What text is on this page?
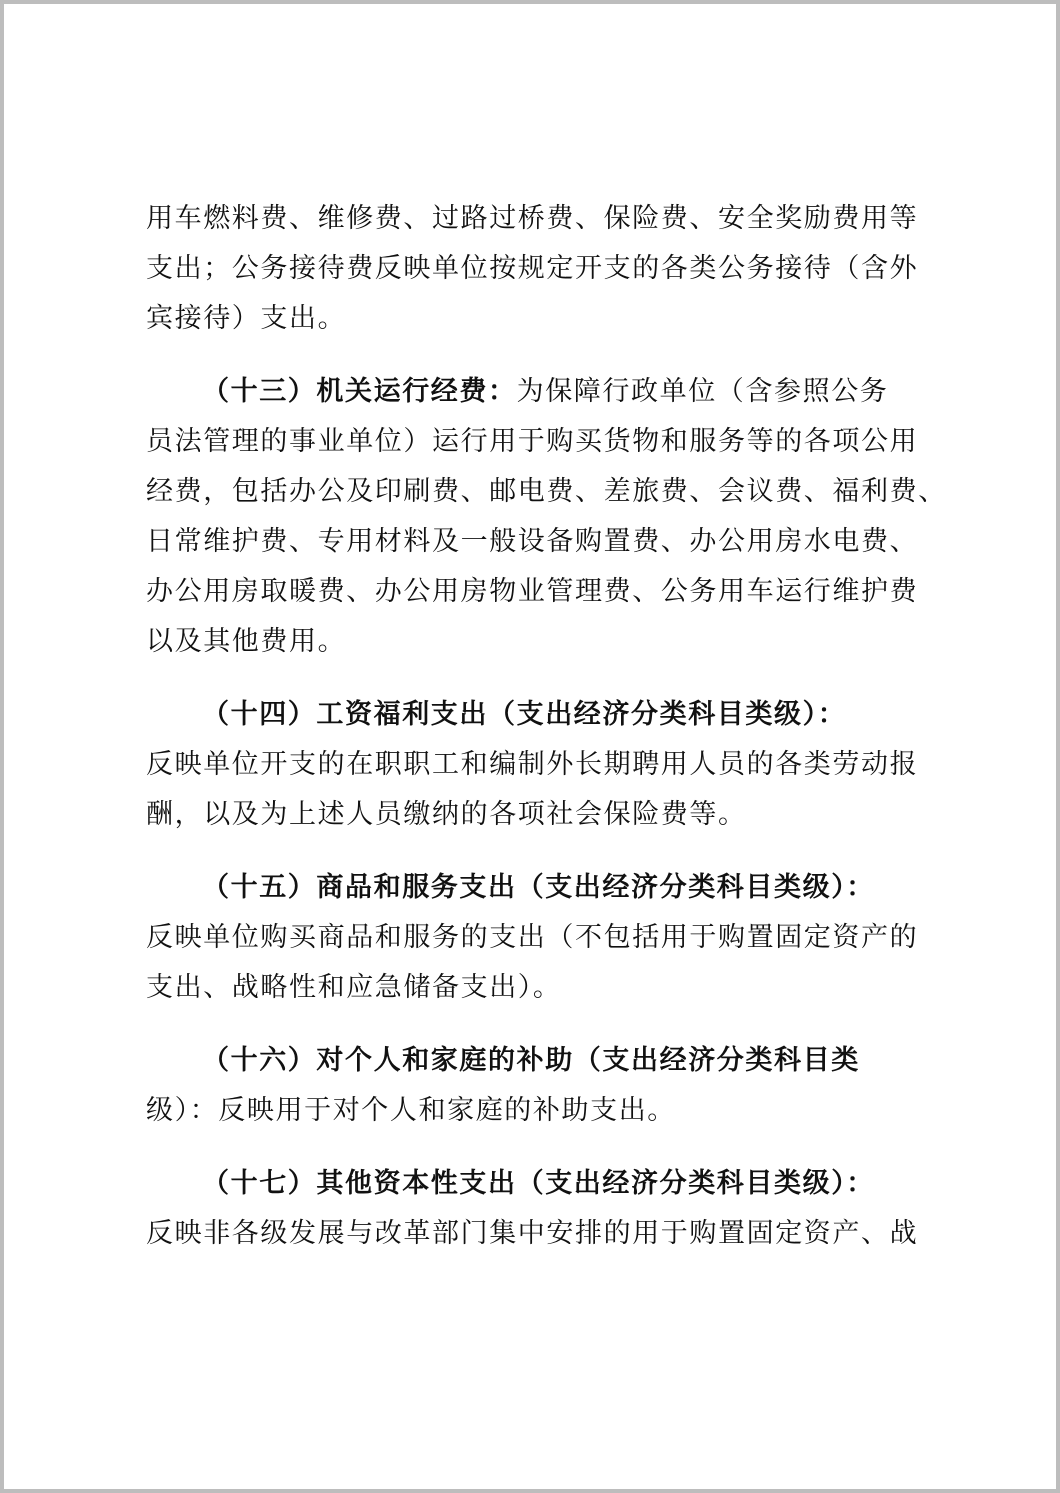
用车燃料费、维修费、过路过桥费、保险费、安全奖励费用等
支出；公务接待费反映单位按规定开支的各类公务接待（含外
宾接待）支出。
（十三）机关运行经费：为保障行政单位（含参照公务
员法管理的事业单位）运行用于购买货物和服务等的各项公用
经费，包括办公及印刷费、邮电费、差旅费、会议费、福利费、
日常维护费、专用材料及一般设备购置费、办公用房水电费、
办公用房取暖费、办公用房物业管理费、公务用车运行维护费
以及其他费用。
（十四）工资福利支出（支出经济分类科目类级）：
反映单位开支的在职职工和编制外长期聘用人员的各类劳动报
酬，以及为上述人员缴纳的各项社会保险费等。
（十五）商品和服务支出（支出经济分类科目类级）：
反映单位购买商品和服务的支出（不包括用于购置固定资产的
支出、战略性和应急储备支出）。
（十六）对个人和家庭的补助（支出经济分类科目类
级）：反映用于对个人和家庭的补助支出。
（十七）其他资本性支出（支出经济分类科目类级）：
反映非各级发展与改革部门集中安排的用于购置固定资产、战
